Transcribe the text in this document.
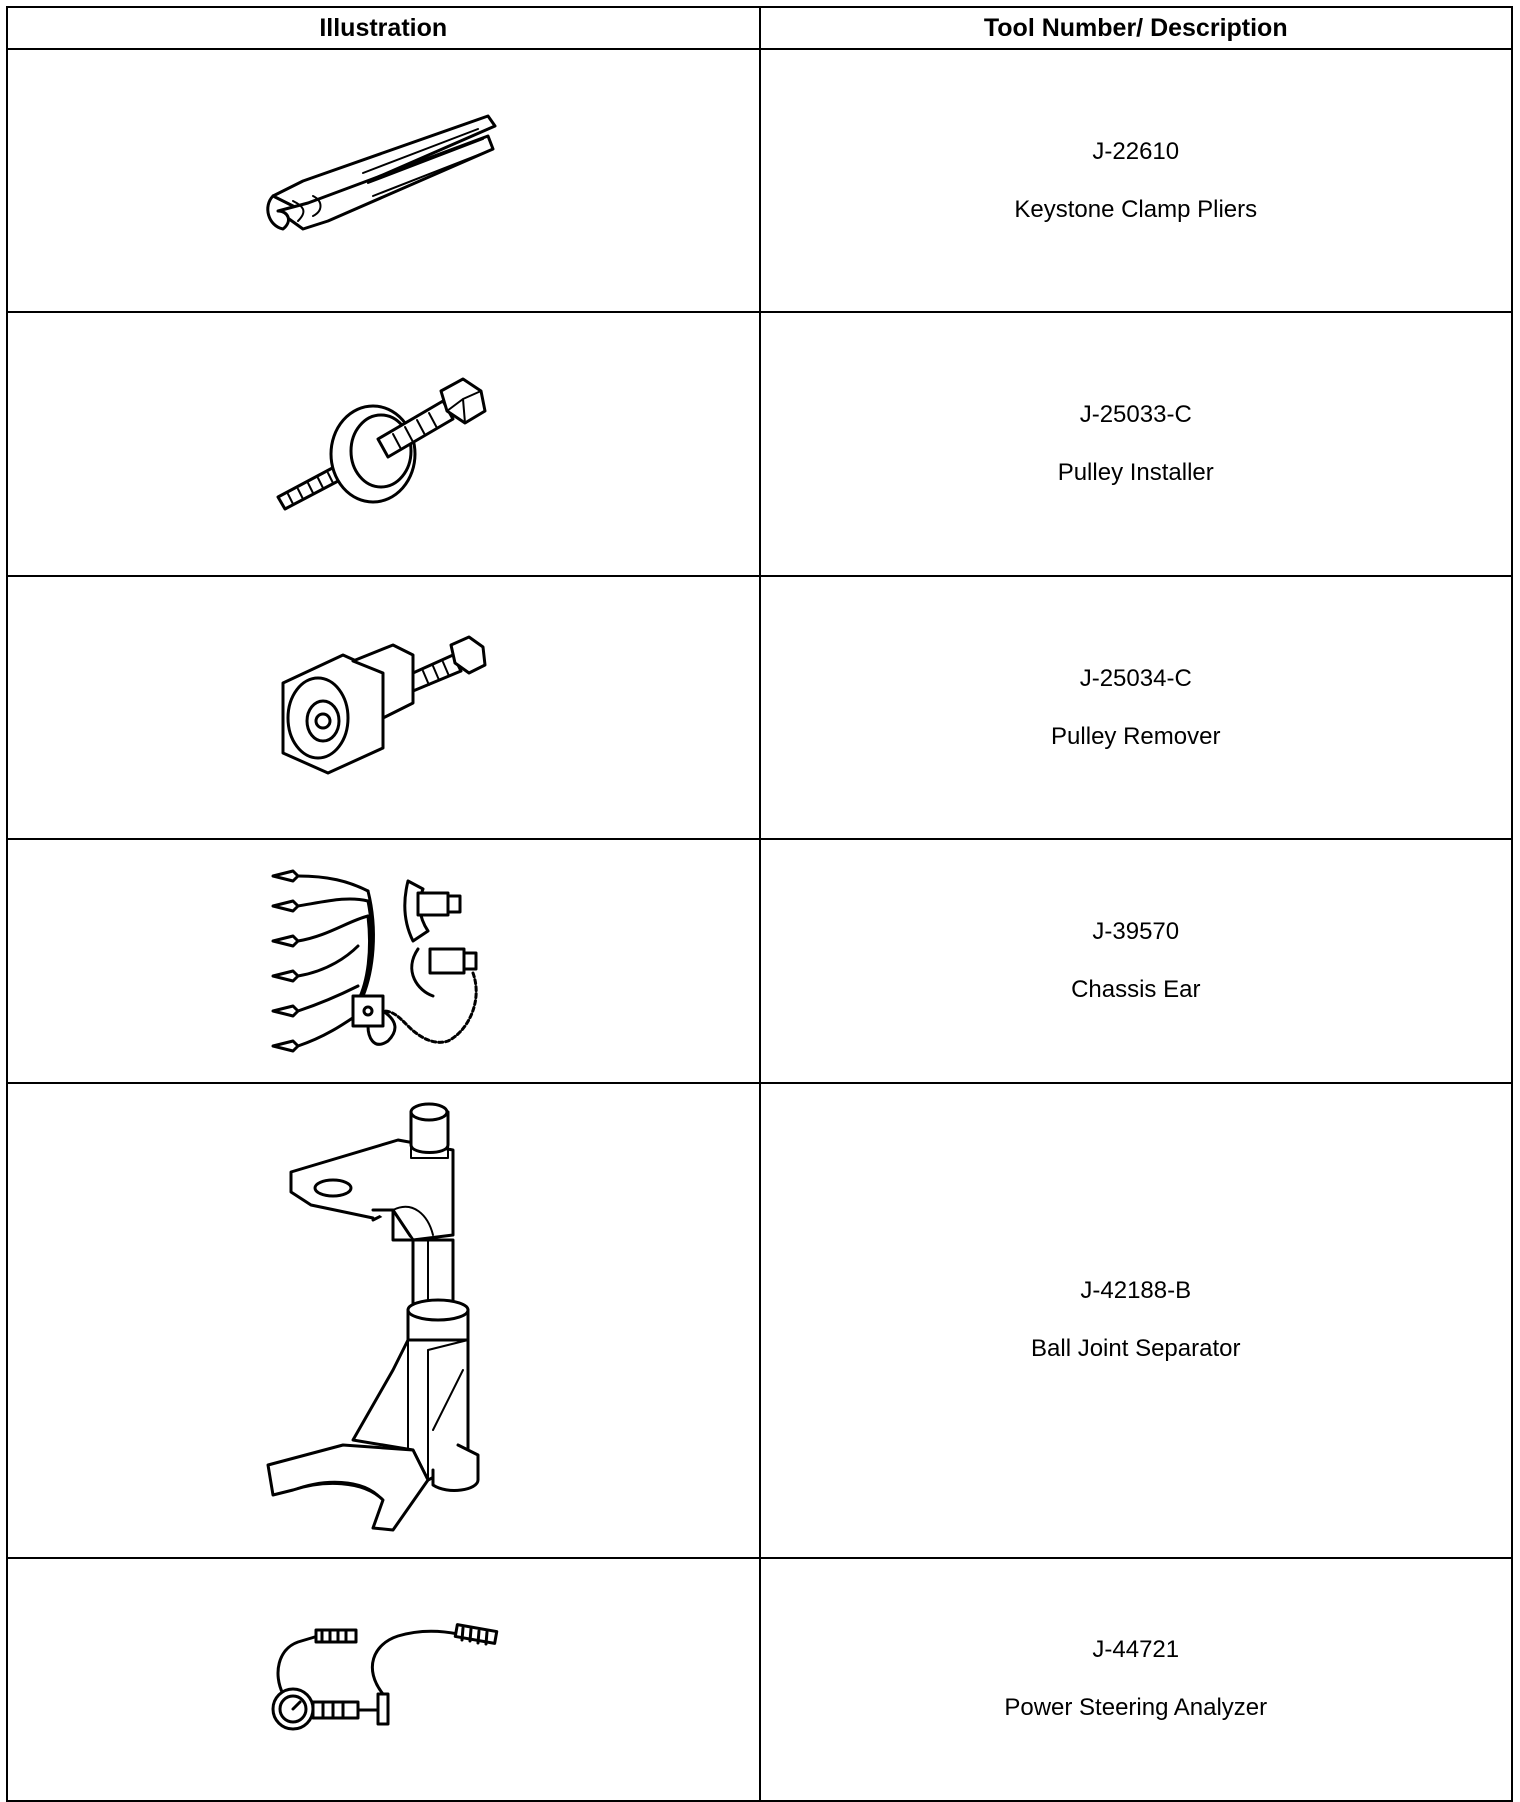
Illustration	Tool Number/ Description

J-22610
Keystone Clamp Pliers

J-25033-C
Pulley Installer

J-25034-C
Pulley Remover

J-39570
Chassis Ear

J-42188-B
Ball Joint Separator

J-44721
Power Steering Analyzer
